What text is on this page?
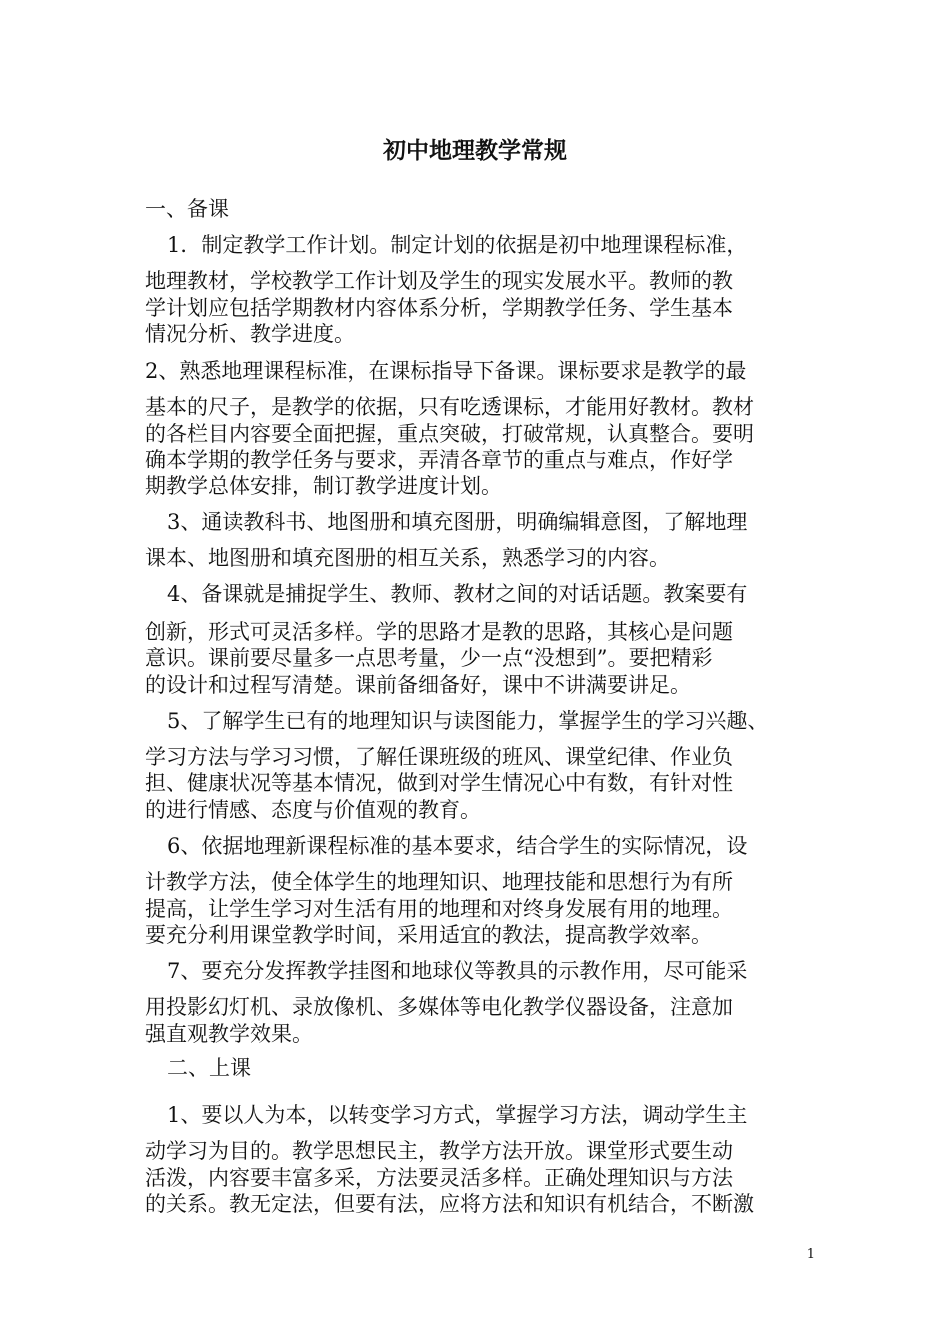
初中地理教学常规
一、备课
1．制定教学工作计划。制定计划的依据是初中地理课程标准，
地理教材，学校教学工作计划及学生的现实发展水平。教师的教
学计划应包括学期教材内容体系分析，学期教学任务、学生基本
情况分析、教学进度。
2、熟悉地理课程标准，在课标指导下备课。课标要求是教学的最
基本的尺子，是教学的依据，只有吃透课标，才能用好教材。教材
的各栏目内容要全面把握，重点突破，打破常规，认真整合。要明
确本学期的教学任务与要求，弄清各章节的重点与难点，作好学
期教学总体安排，制订教学进度计划。
3、通读教科书、地图册和填充图册，明确编辑意图，了解地理
课本、地图册和填充图册的相互关系，熟悉学习的内容。
4、备课就是捕捉学生、教师、教材之间的对话话题。教案要有
创新，形式可灵活多样。学的思路才是教的思路，其核心是问题
意识。课前要尽量多一点思考量，少一点“没想到”。要把精彩
的设计和过程写清楚。课前备细备好，课中不讲满要讲足。
5、了解学生已有的地理知识与读图能力，掌握学生的学习兴趣、
学习方法与学习习惯，了解任课班级的班风、课堂纪律、作业负
担、健康状况等基本情况，做到对学生情况心中有数，有针对性
的进行情感、态度与价值观的教育。
6、依据地理新课程标准的基本要求，结合学生的实际情况，设
计教学方法，使全体学生的地理知识、地理技能和思想行为有所
提高，让学生学习对生活有用的地理和对终身发展有用的地理。
要充分利用课堂教学时间，采用适宜的教法，提高教学效率。
7、要充分发挥教学挂图和地球仪等教具的示教作用，尽可能采
用投影幻灯机、录放像机、多媒体等电化教学仪器设备，注意加
强直观教学效果。
二、上课
1、要以人为本，以转变学习方式，掌握学习方法，调动学生主
动学习为目的。教学思想民主，教学方法开放。课堂形式要生动
活泼，内容要丰富多采，方法要灵活多样。正确处理知识与方法
的关系。教无定法，但要有法，应将方法和知识有机结合，不断激
1
